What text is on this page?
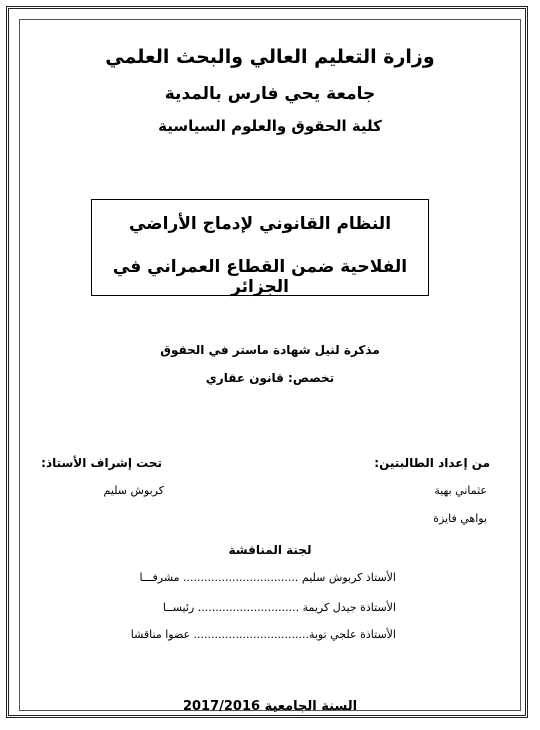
وزارة التعليم العالي والبحث العلمي
جامعة يحي فارس بالمدية
كلية الحقوق والعلوم السياسية
النظام القانوني لإدماج الأراضي
الفلاحية ضمن القطاع العمراني في الجزائر
مذكرة لنيل شهادة ماستر في الحقوق
تخصص: قانون عقاري
من إعداد الطالبتين:
تحت إشراف الأستاذ:
عثماني بهية
كربوش سليم
بواهي فايزة
لجنة المناقشة
الأستاذ كربوش سليم ................................. مشرفـــا
الأستاذة جيدل كريمة ............................. رئيســا
الأستاذة علجي توبة................................. عضوا مناقشا
السنة الجامعية 2017/2016
